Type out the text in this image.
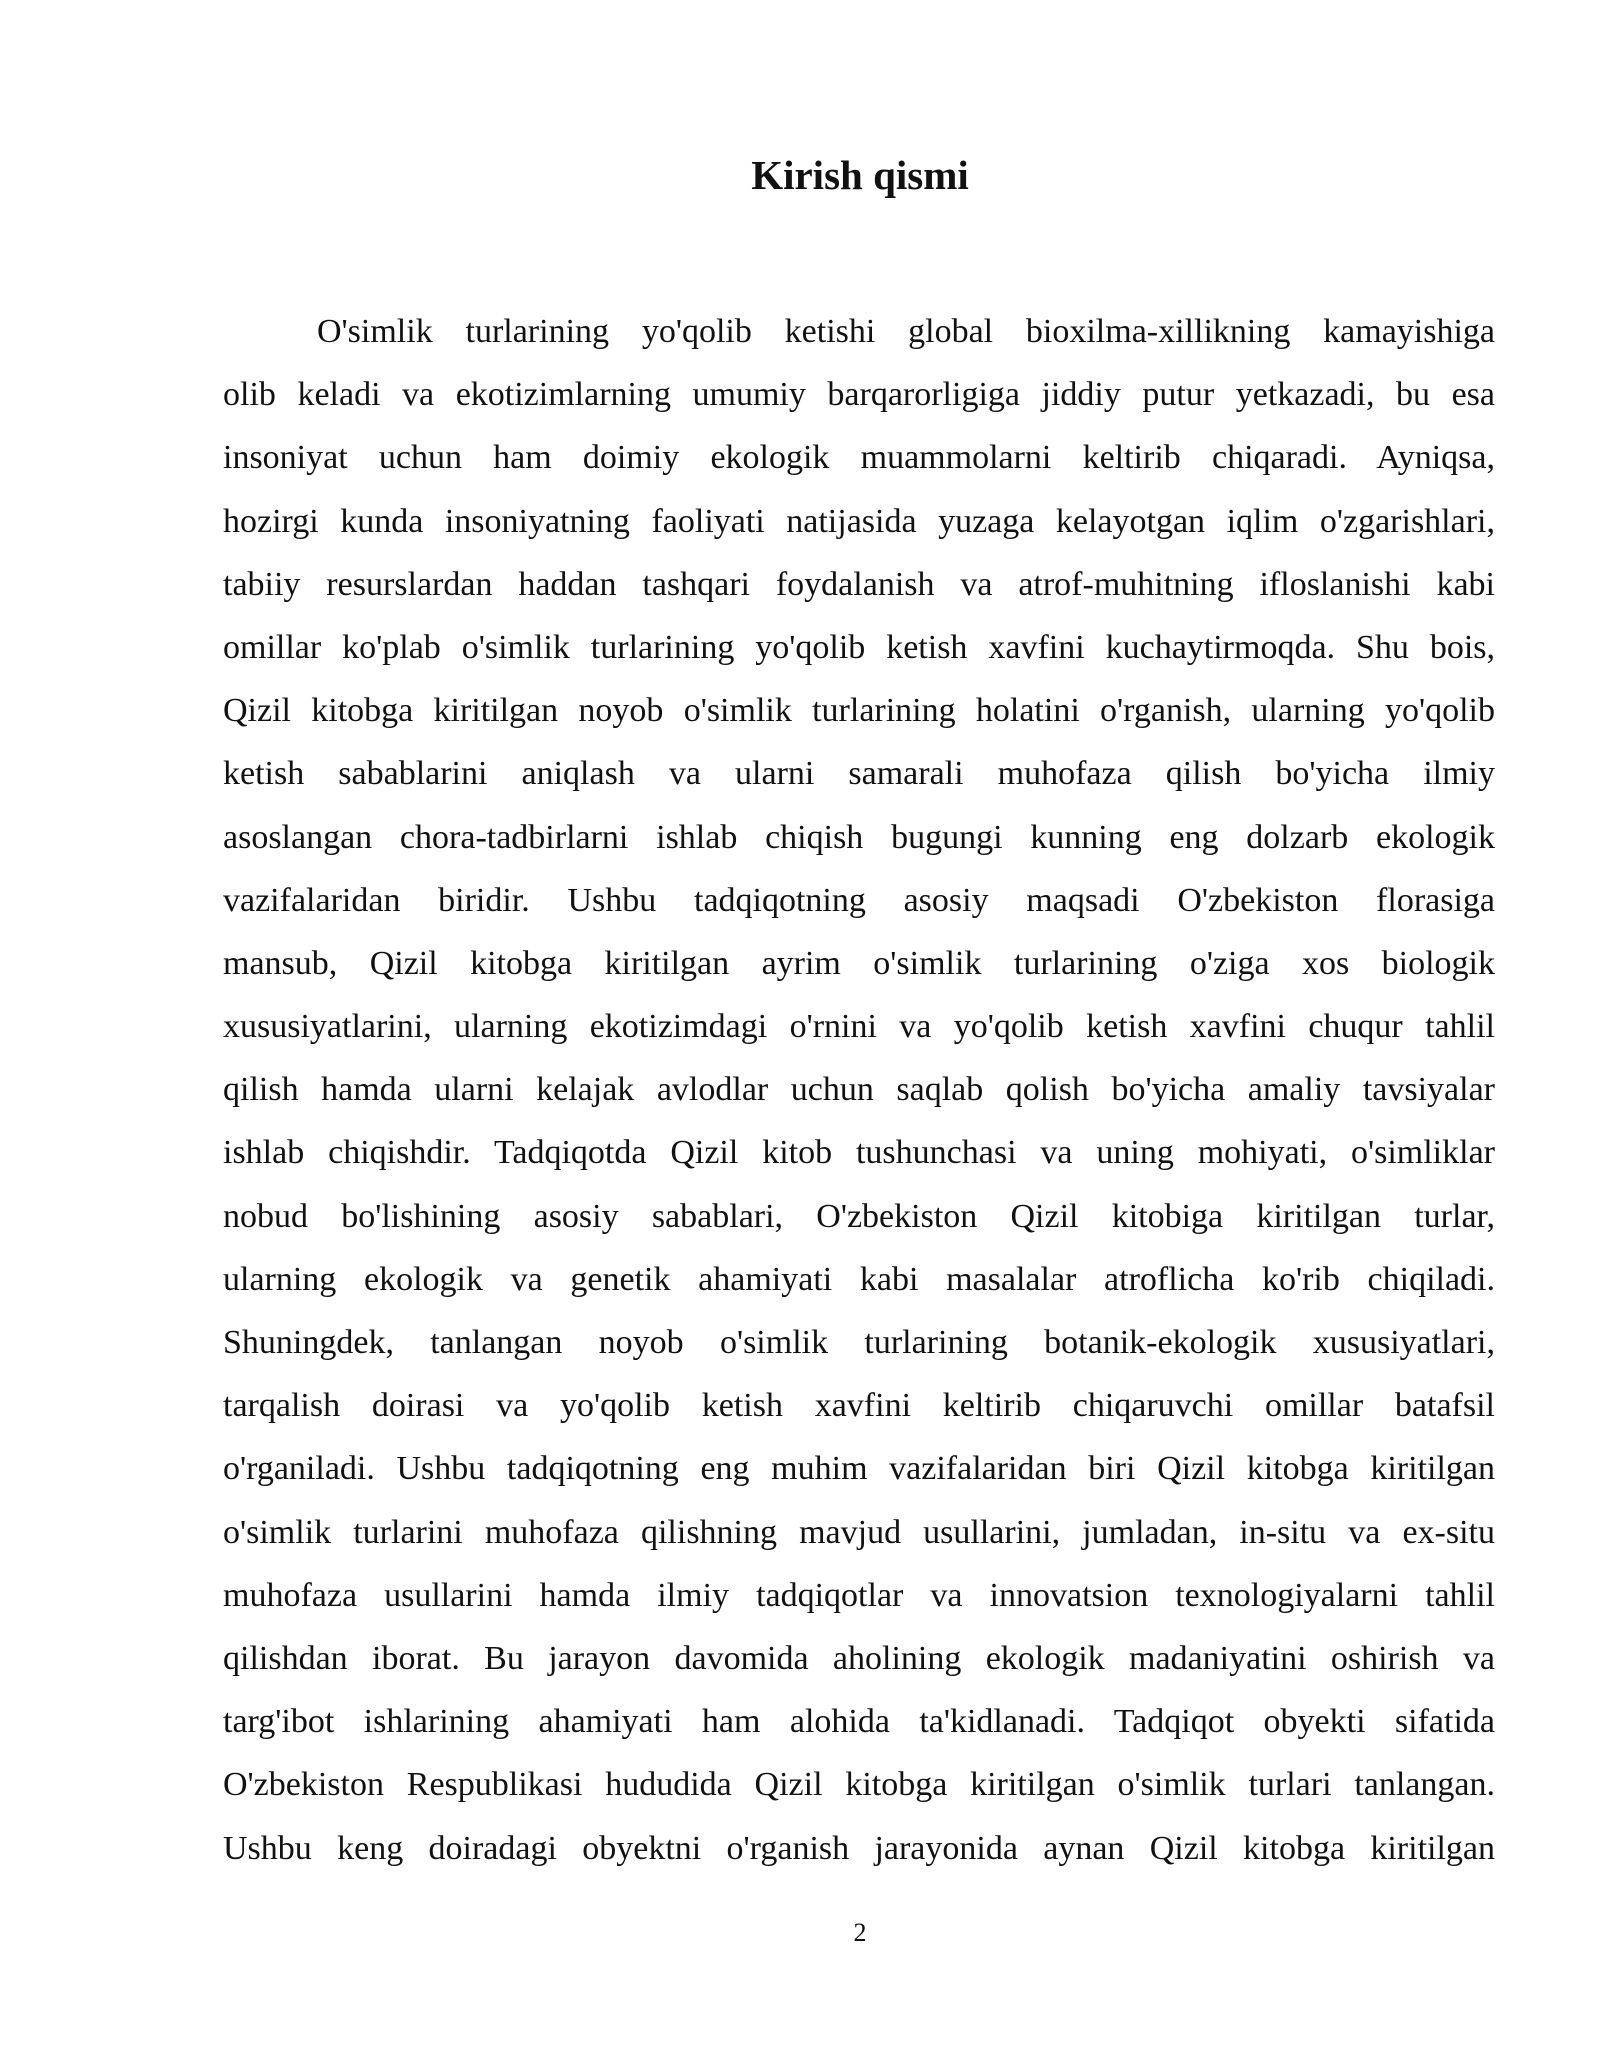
Kirish qismi
O'simlik turlarining yo'qolib ketishi global bioxilma-xillikning kamayishiga
olib keladi va ekotizimlarning umumiy barqarorligiga jiddiy putur yetkazadi, bu esa
insoniyat uchun ham doimiy ekologik muammolarni keltirib chiqaradi. Ayniqsa,
hozirgi kunda insoniyatning faoliyati natijasida yuzaga kelayotgan iqlim o'zgarishlari,
tabiiy resurslardan haddan tashqari foydalanish va atrof-muhitning ifloslanishi kabi
omillar ko'plab o'simlik turlarining yo'qolib ketish xavfini kuchaytirmoqda. Shu bois,
Qizil kitobga kiritilgan noyob o'simlik turlarining holatini o'rganish, ularning yo'qolib
ketish sabablarini aniqlash va ularni samarali muhofaza qilish bo'yicha ilmiy
asoslangan chora-tadbirlarni ishlab chiqish bugungi kunning eng dolzarb ekologik
vazifalaridan biridir. Ushbu tadqiqotning asosiy maqsadi O'zbekiston florasiga
mansub, Qizil kitobga kiritilgan ayrim o'simlik turlarining o'ziga xos biologik
xususiyatlarini, ularning ekotizimdagi o'rnini va yo'qolib ketish xavfini chuqur tahlil
qilish hamda ularni kelajak avlodlar uchun saqlab qolish bo'yicha amaliy tavsiyalar
ishlab chiqishdir. Tadqiqotda Qizil kitob tushunchasi va uning mohiyati, o'simliklar
nobud bo'lishining asosiy sabablari, O'zbekiston Qizil kitobiga kiritilgan turlar,
ularning ekologik va genetik ahamiyati kabi masalalar atroflicha ko'rib chiqiladi.
Shuningdek, tanlangan noyob o'simlik turlarining botanik-ekologik xususiyatlari,
tarqalish doirasi va yo'qolib ketish xavfini keltirib chiqaruvchi omillar batafsil
o'rganiladi. Ushbu tadqiqotning eng muhim vazifalaridan biri Qizil kitobga kiritilgan
o'simlik turlarini muhofaza qilishning mavjud usullarini, jumladan, in-situ va ex-situ
muhofaza usullarini hamda ilmiy tadqiqotlar va innovatsion texnologiyalarni tahlil
qilishdan iborat. Bu jarayon davomida aholining ekologik madaniyatini oshirish va
targ'ibot ishlarining ahamiyati ham alohida ta'kidlanadi. Tadqiqot obyekti sifatida
O'zbekiston Respublikasi hududida Qizil kitobga kiritilgan o'simlik turlari tanlangan.
Ushbu keng doiradagi obyektni o'rganish jarayonida aynan Qizil kitobga kiritilgan
2
